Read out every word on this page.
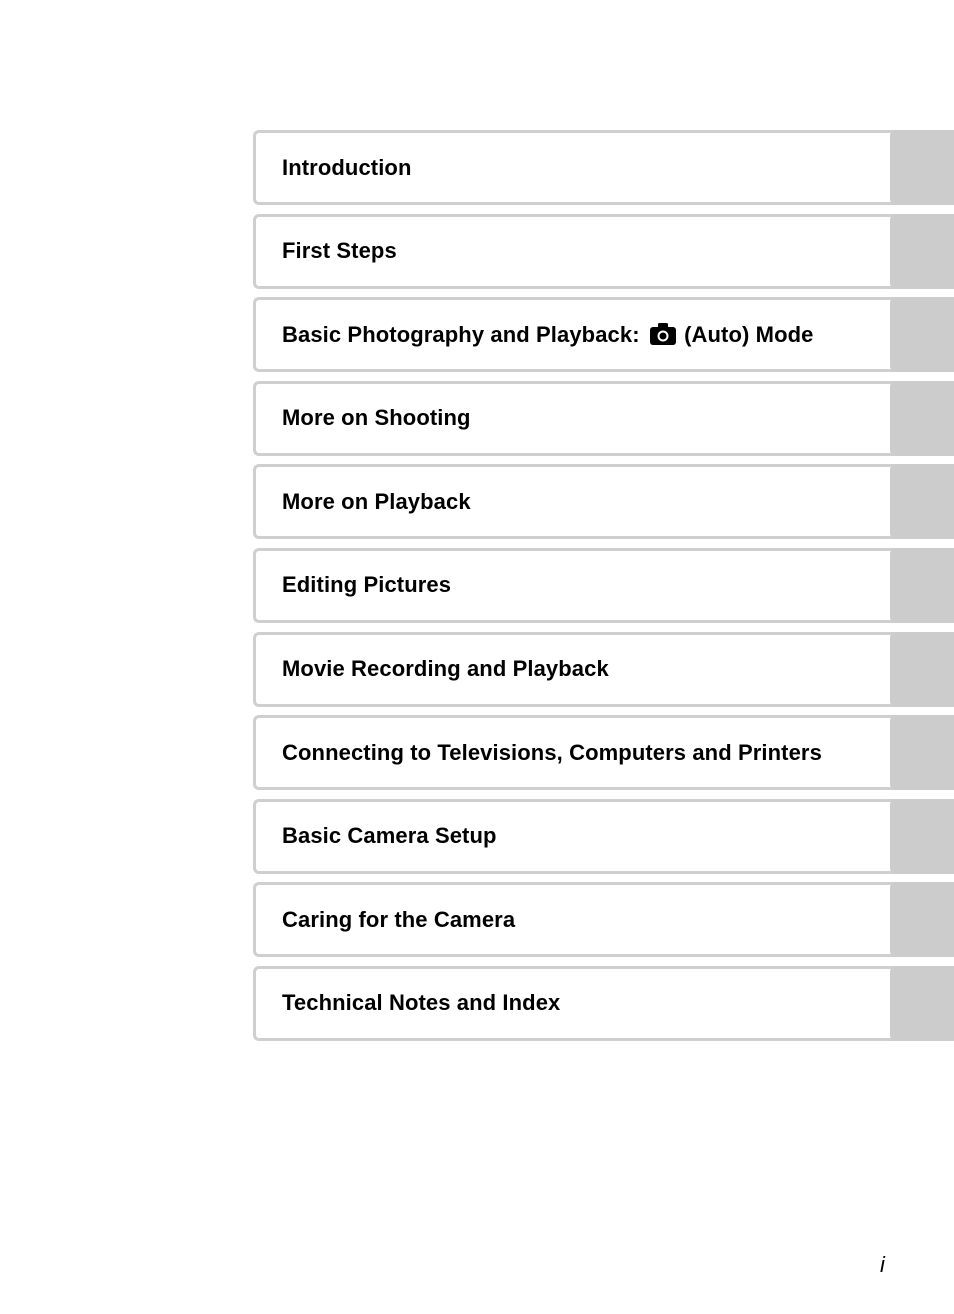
Introduction
First Steps
Basic Photography and Playback: (Auto) Mode
More on Shooting
More on Playback
Editing Pictures
Movie Recording and Playback
Connecting to Televisions, Computers and Printers
Basic Camera Setup
Caring for the Camera
Technical Notes and Index
i
